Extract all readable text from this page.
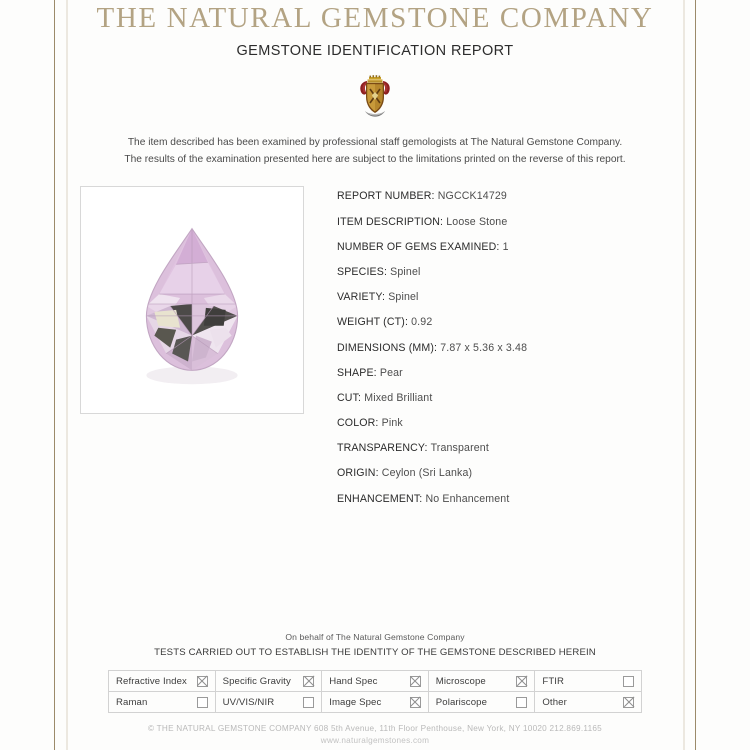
THE NATURAL GEMSTONE COMPANY
GEMSTONE IDENTIFICATION REPORT
The item described has been examined by professional staff gemologists at The Natural Gemstone Company.
The results of the examination presented here are subject to the limitations printed on the reverse of this report.
REPORT NUMBER: NGCCK14729
ITEM DESCRIPTION: Loose Stone
NUMBER OF GEMS EXAMINED: 1
SPECIES: Spinel
VARIETY: Spinel
WEIGHT (CT): 0.92
DIMENSIONS (MM): 7.87 x 5.36 x 3.48
SHAPE: Pear
CUT: Mixed Brilliant
COLOR: Pink
TRANSPARENCY: Transparent
ORIGIN: Ceylon (Sri Lanka)
ENHANCEMENT: No Enhancement
On behalf of The Natural Gemstone Company
TESTS CARRIED OUT TO ESTABLISH THE IDENTITY OF THE GEMSTONE DESCRIBED HEREIN
Refractive Index	Specific Gravity	Hand Spec	Microscope	FTIR

Raman	UV/VIS/NIR	Image Spec	Polariscope	Other
© THE NATURAL GEMSTONE COMPANY 608 5th Avenue, 11th Floor Penthouse, New York, NY 10020 212.869.1165
www.naturalgemstones.com
